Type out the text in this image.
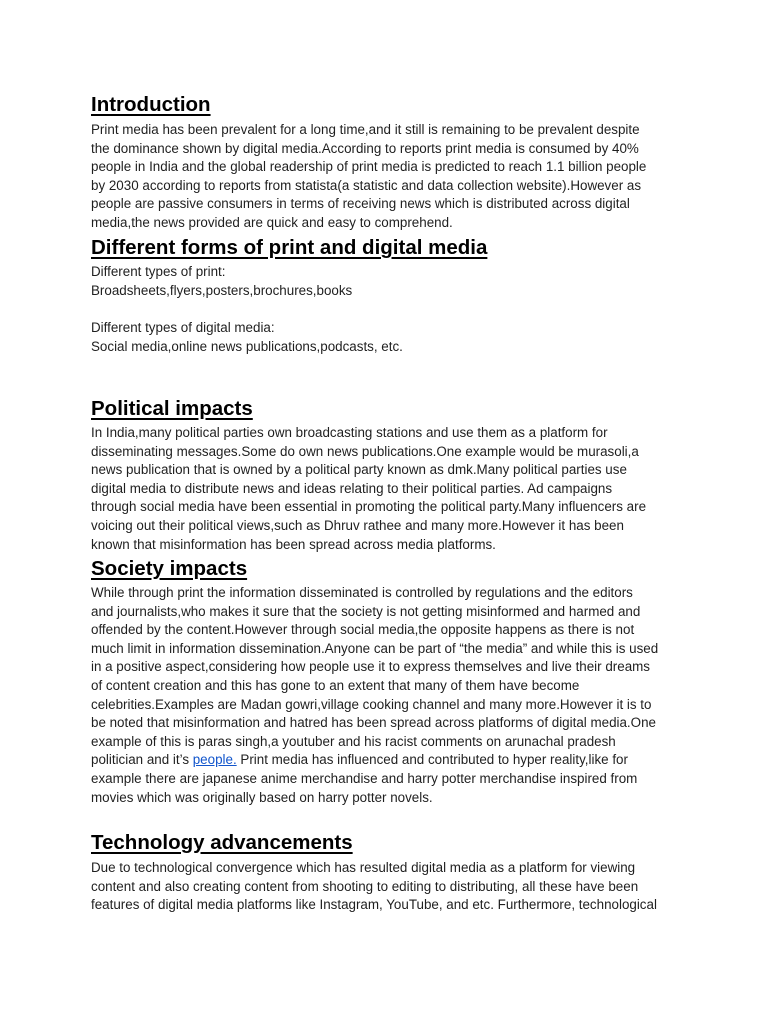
Introduction
Print media has been prevalent for a long time,and it still is remaining to be prevalent despite
the dominance shown by digital media.According to reports print media is consumed by 40%
people in India and the global readership of print media is predicted to reach 1.1 billion people
by 2030 according to reports from statista(a statistic and data collection website).However as
people are passive consumers in terms of receiving news which is distributed across digital
media,the news provided are quick and easy to comprehend.
Different forms of print and digital media
Different types of print:
Broadsheets,flyers,posters,brochures,books
Different types of digital media:
Social media,online news publications,podcasts, etc.
Political impacts
In India,many political parties own broadcasting stations and use them as a platform for
disseminating messages.Some do own news publications.One example would be murasoli,a
news publication that is owned by a political party known as dmk.Many political parties use
digital media to distribute news and ideas relating to their political parties. Ad campaigns
through social media have been essential in promoting the political party.Many influencers are
voicing out their political views,such as Dhruv rathee and many more.However it has been
known that misinformation has been spread across media platforms.
Society impacts
While through print the information disseminated is controlled by regulations and the editors
and journalists,who makes it sure that the society is not getting misinformed and harmed and
offended by the content.However through social media,the opposite happens as there is not
much limit in information dissemination.Anyone can be part of “the media” and while this is used
in a positive aspect,considering how people use it to express themselves and live their dreams
of content creation and this has gone to an extent that many of them have become
celebrities.Examples are Madan gowri,village cooking channel and many more.However it is to
be noted that misinformation and hatred has been spread across platforms of digital media.One
example of this is paras singh,a youtuber and his racist comments on arunachal pradesh
politician and it’s people. Print media has influenced and contributed to hyper reality,like for
example there are japanese anime merchandise and harry potter merchandise inspired from
movies which was originally based on harry potter novels.
Technology advancements
Due to technological convergence which has resulted digital media as a platform for viewing
content and also creating content from shooting to editing to distributing, all these have been
features of digital media platforms like Instagram, YouTube, and etc. Furthermore, technological
